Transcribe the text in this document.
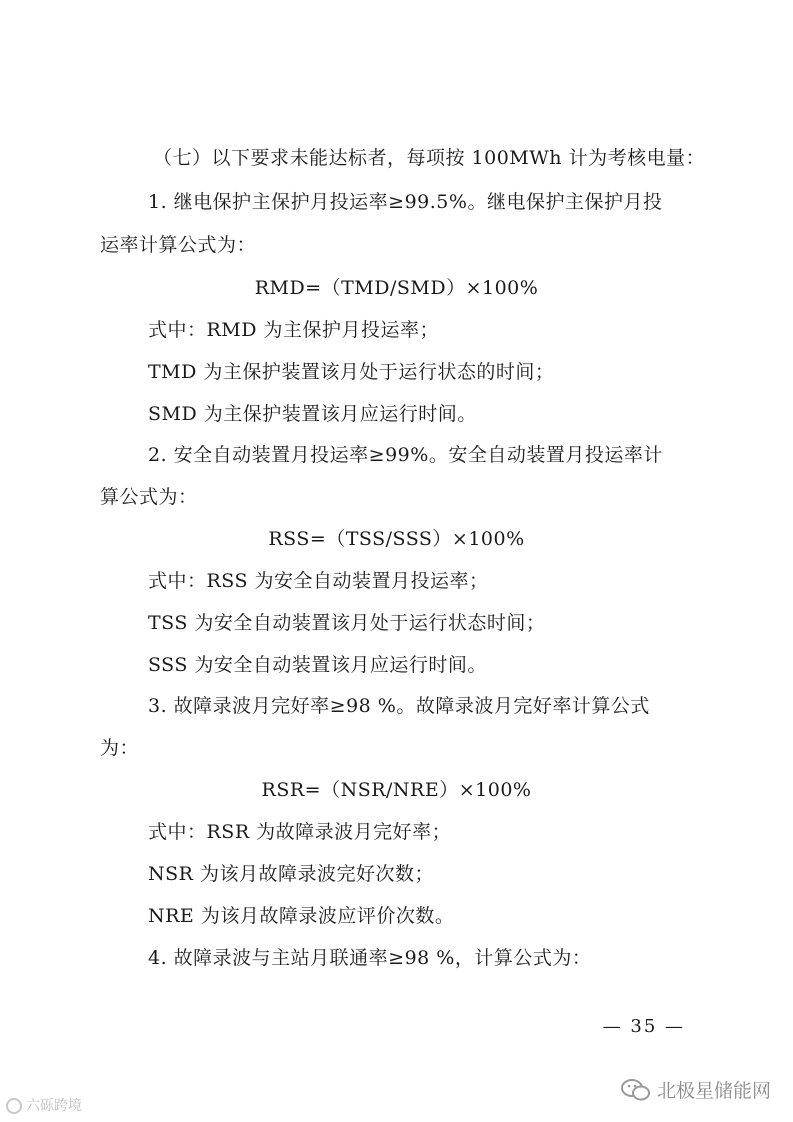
（七）以下要求未能达标者，每项按 100MWh 计为考核电量：
1. 继电保护主保护月投运率≥99.5%。继电保护主保护月投
运率计算公式为：
RMD=（TMD/SMD）×100%
式中：RMD 为主保护月投运率；
TMD 为主保护装置该月处于运行状态的时间；
SMD 为主保护装置该月应运行时间。
2. 安全自动装置月投运率≥99%。安全自动装置月投运率计
算公式为：
RSS=（TSS/SSS）×100%
式中：RSS 为安全自动装置月投运率；
TSS 为安全自动装置该月处于运行状态时间；
SSS 为安全自动装置该月应运行时间。
3. 故障录波月完好率≥98 %。故障录波月完好率计算公式
为：
RSR=（NSR/NRE）×100%
式中：RSR 为故障录波月完好率；
NSR 为该月故障录波完好次数；
NRE 为该月故障录波应评价次数。
4. 故障录波与主站月联通率≥98 %，计算公式为：
— 35 —
六砾跨境
北极星储能网
